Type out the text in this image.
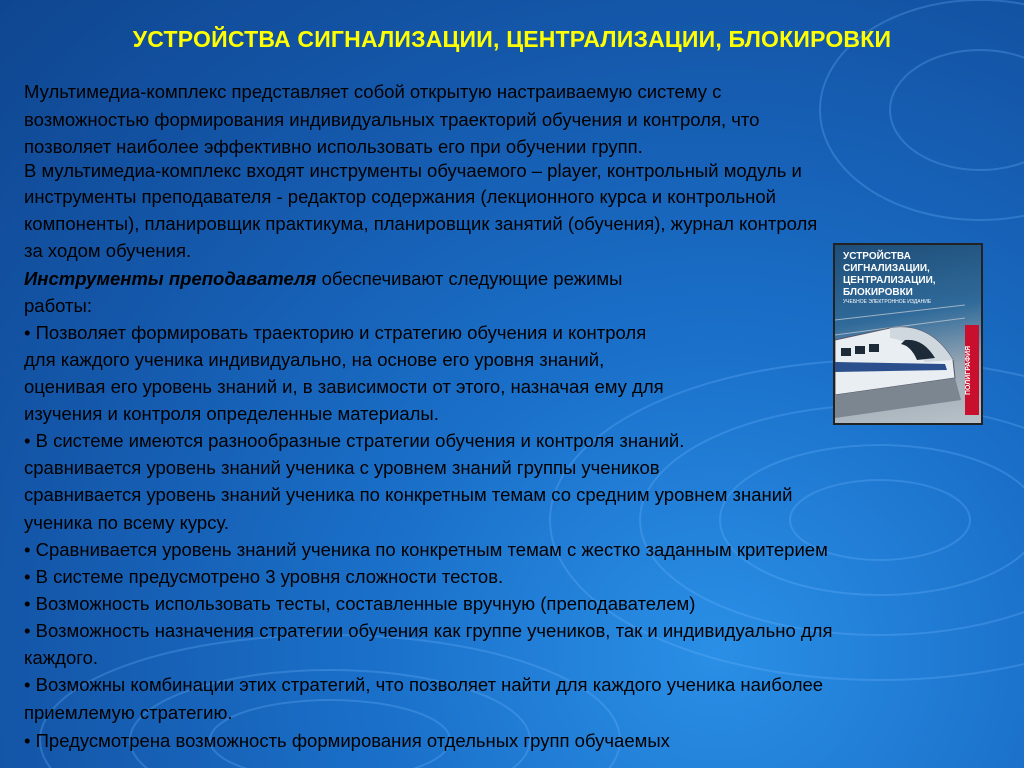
УСТРОЙСТВА СИГНАЛИЗАЦИИ, ЦЕНТРАЛИЗАЦИИ, БЛОКИРОВКИ
Мультимедиа-комплекс представляет собой открытую настраиваемую систему с
возможностью формирования индивидуальных траекторий обучения и контроля, что
позволяет наиболее эффективно использовать его при обучении групп.
В мультимедиа-комплекс входят инструменты обучаемого – player, контрольный модуль и
инструменты преподавателя - редактор содержания (лекционного курса и контрольной
компоненты), планировщик практикума, планировщик занятий (обучения), журнал контроля
за ходом обучения.
Инструменты преподавателя обеспечивают следующие режимы
работы:
• Позволяет формировать траекторию и стратегию обучения и контроля
для каждого ученика индивидуально, на основе его уровня знаний,
оценивая его уровень знаний и, в зависимости от этого, назначая ему для
изучения и контроля определенные материалы.
• В системе имеются разнообразные стратегии обучения и контроля знаний.
сравнивается уровень знаний ученика с уровнем знаний группы учеников
сравнивается уровень знаний ученика по конкретным темам со средним уровнем знаний
ученика по всему курсу.
• Сравнивается уровень знаний ученика по конкретным темам с жестко заданным критерием
• В системе предусмотрено 3 уровня сложности тестов.
• Возможность использовать тесты, составленные вручную (преподавателем)
• Возможность назначения стратегии обучения как группе учеников, так и индивидуально для
каждого.
• Возможны комбинации этих стратегий, что позволяет найти для каждого ученика наиболее
приемлемую стратегию.
• Предусмотрена возможность формирования отдельных групп обучаемых
УСТРОЙСТВА
СИГНАЛИЗАЦИИ,
ЦЕНТРАЛИЗАЦИИ,
БЛОКИРОВКИ
УЧЕБНОЕ ЭЛЕКТРОННОЕ ИЗДАНИЕ
ПОЛИГРАФИЯ
